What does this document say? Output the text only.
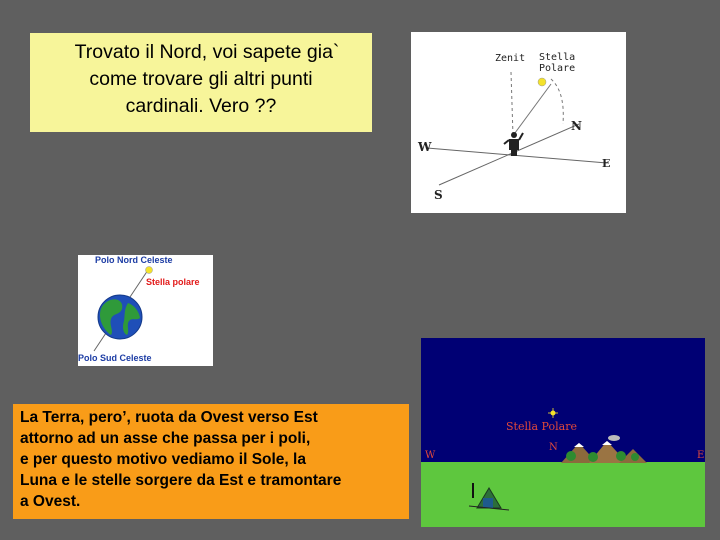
Trovato il Nord, voi sapete gia`
come trovare gli altri punti
cardinali. Vero ??
Zenit Stella
Polare
N
W
E
S
Polo Nord Celeste
Stella polare
Polo Sud Celeste
La Terra, pero’, ruota da Ovest verso Est
attorno ad un asse che passa per i poli,
e per questo motivo vediamo il Sole, la
Luna e le stelle sorgere da Est e tramontare
a Ovest.
Stella Polare
N
W	E
